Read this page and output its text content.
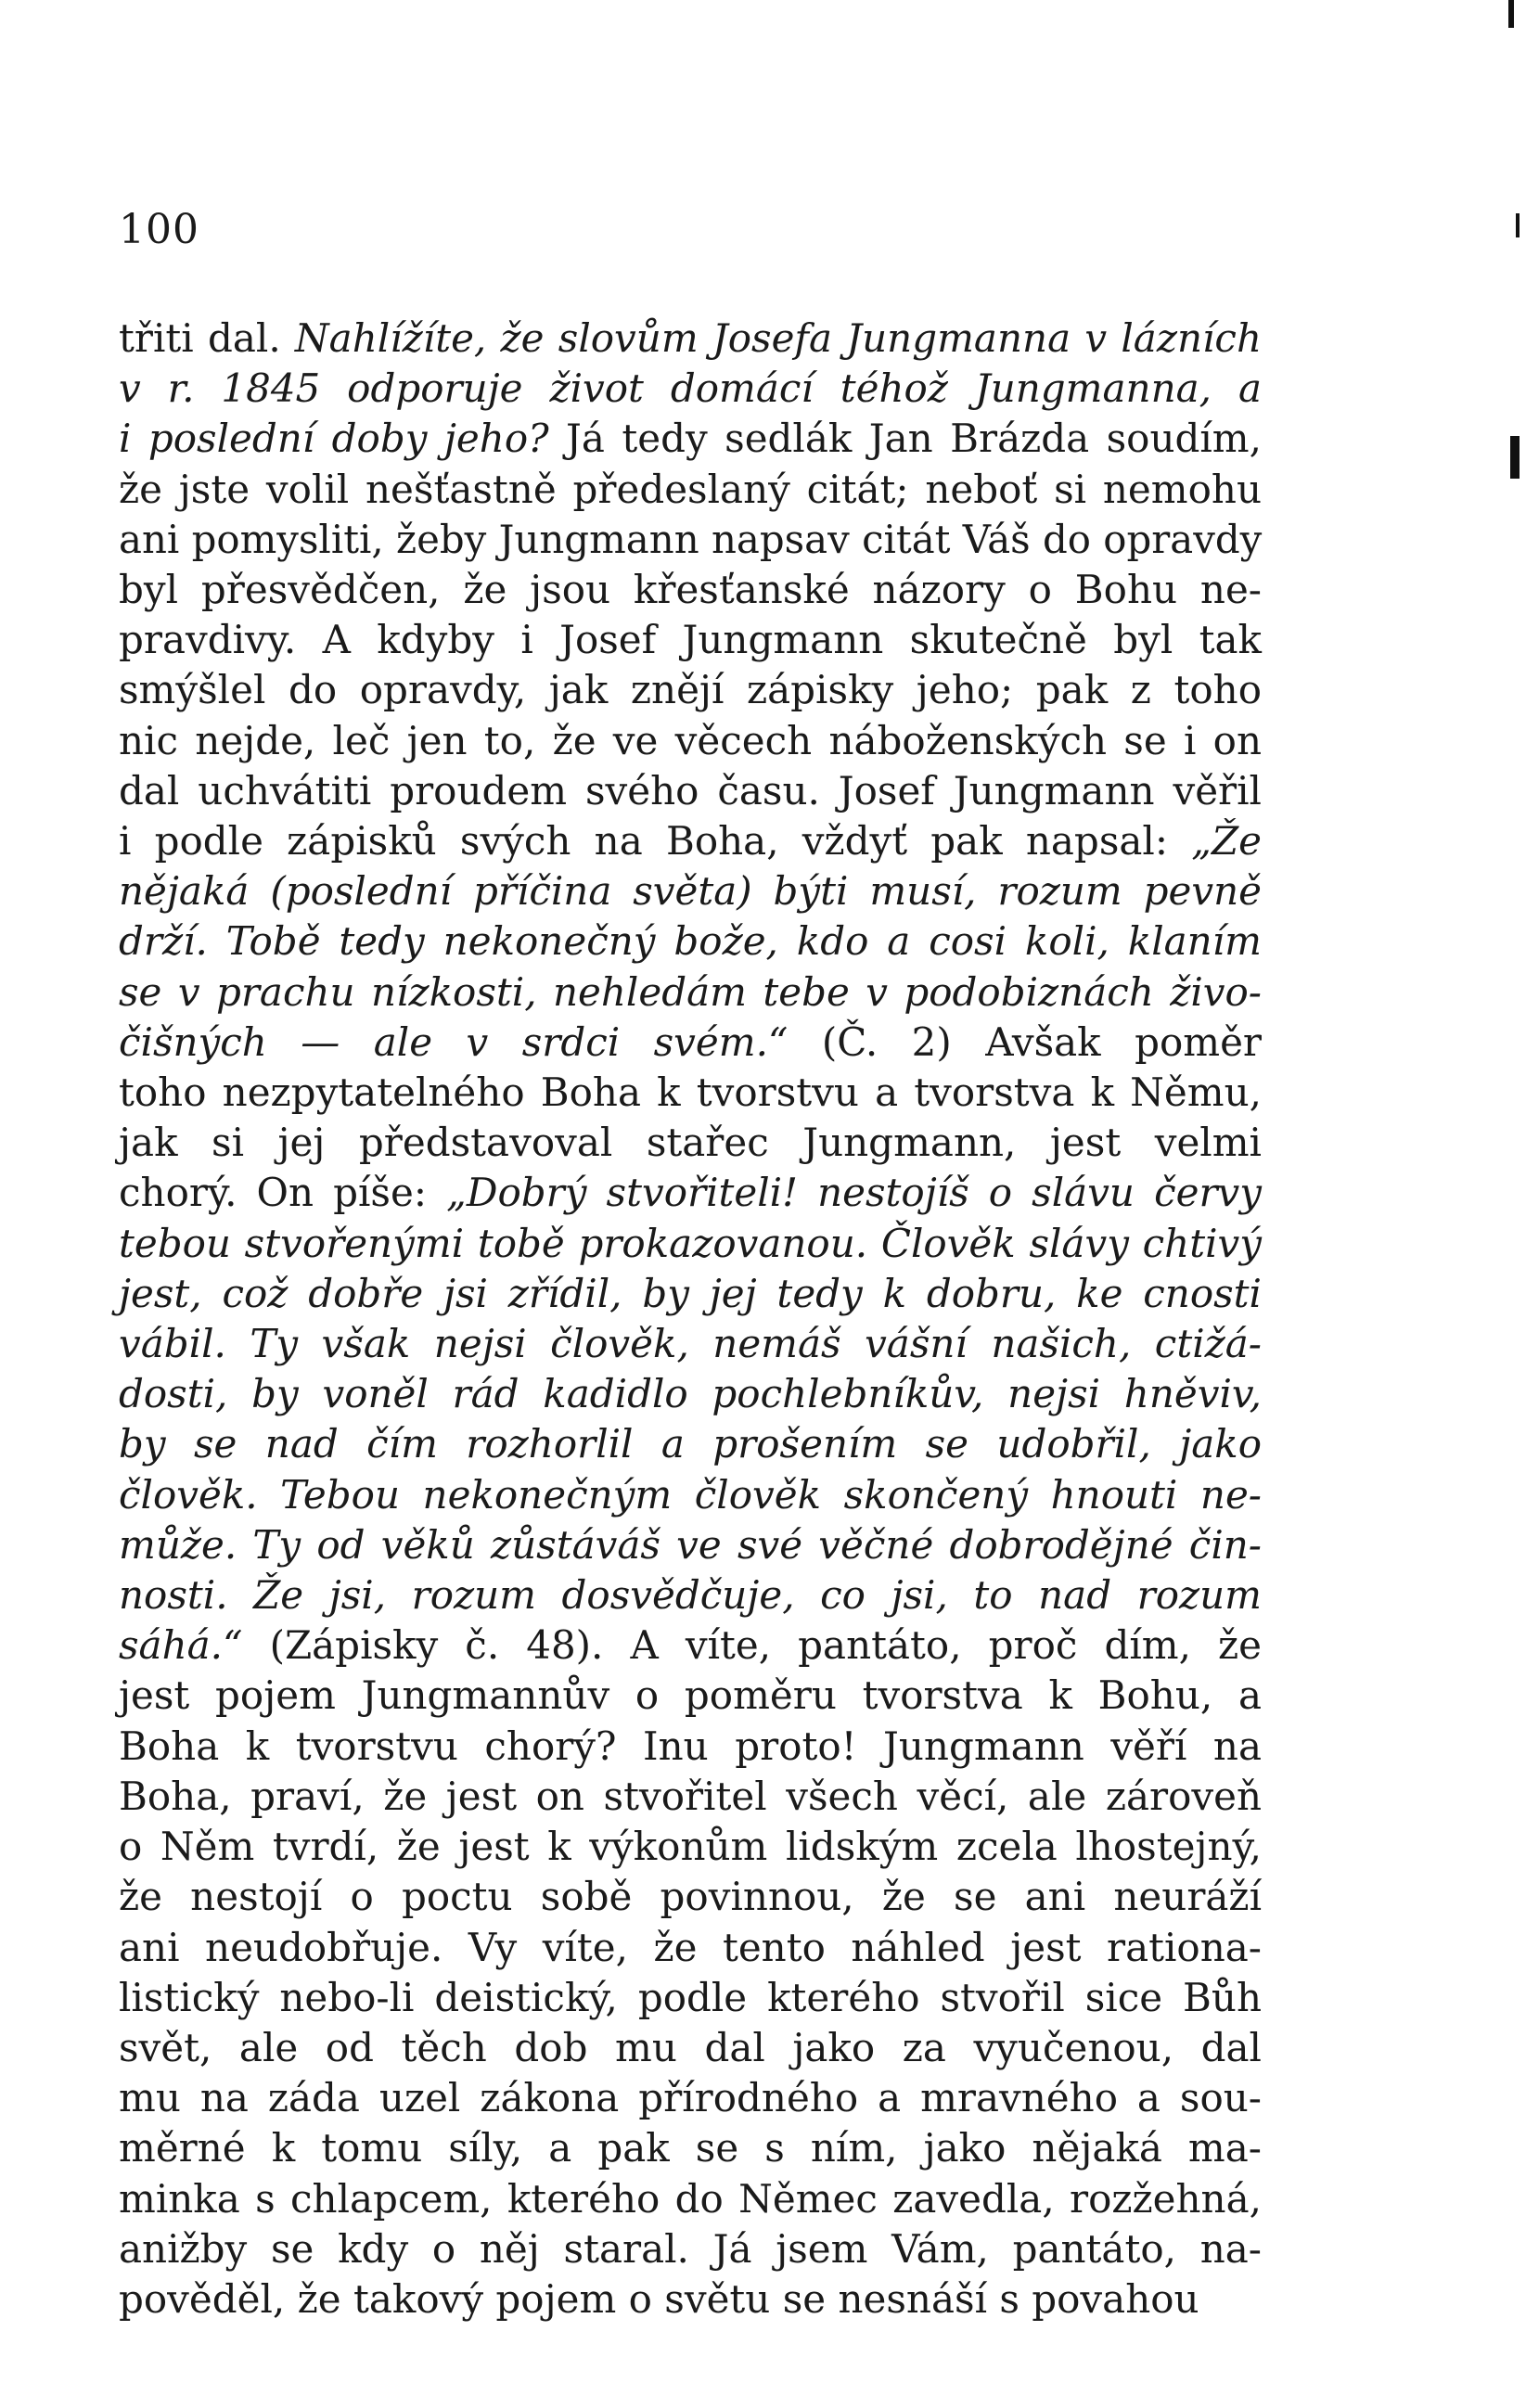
100
třiti dal. Nahlížíte, že slovům Josefa Jungmanna v lázních
v r. 1845 odporuje život domácí téhož Jungmanna, a
i poslední doby jeho? Já tedy sedlák Jan Brázda soudím,
že jste volil nešťastně předeslaný citát; neboť si nemohu
ani pomysliti, žeby Jungmann napsav citát Váš do opravdy
byl přesvědčen, že jsou křesťanské názory o Bohu ne-
pravdivy. A kdyby i Josef Jungmann skutečně byl tak
smýšlel do opravdy, jak znějí zápisky jeho; pak z toho
nic nejde, leč jen to, že ve věcech náboženských se i on
dal uchvátiti proudem svého času. Josef Jungmann věřil
i podle zápisků svých na Boha, vždyť pak napsal: „Že
nějaká (poslední příčina světa) býti musí, rozum pevně
drží. Tobě tedy nekonečný bože, kdo a cosi koli, klaním
se v prachu nízkosti, nehledám tebe v podobiznách živo-
čišných — ale v srdci svém.“ (Č. 2) Avšak poměr
toho nezpytatelného Boha k tvorstvu a tvorstva k Němu,
jak si jej představoval stařec Jungmann, jest velmi
chorý. On píše: „Dobrý stvořiteli! nestojíš o slávu červy
tebou stvořenými tobě prokazovanou. Člověk slávy chtivý
jest, což dobře jsi zřídil, by jej tedy k dobru, ke cnosti
vábil. Ty však nejsi člověk, nemáš vášní našich, ctižá-
dosti, by voněl rád kadidlo pochlebníkův, nejsi hněviv,
by se nad čím rozhorlil a prošením se udobřil, jako
člověk. Tebou nekonečným člověk skončený hnouti ne-
může. Ty od věků zůstáváš ve své věčné dobrodějné čin-
nosti. Že jsi, rozum dosvědčuje, co jsi, to nad rozum
sáhá.“ (Zápisky č. 48). A víte, pantáto, proč dím, že
jest pojem Jungmannův o poměru tvorstva k Bohu, a
Boha k tvorstvu chorý? Inu proto! Jungmann věří na
Boha, praví, že jest on stvořitel všech věcí, ale zároveň
o Něm tvrdí, že jest k výkonům lidským zcela lhostejný,
že nestojí o poctu sobě povinnou, že se ani neuráží
ani neudobřuje. Vy víte, že tento náhled jest rationa-
listický nebo-li deistický, podle kterého stvořil sice Bůh
svět, ale od těch dob mu dal jako za vyučenou, dal
mu na záda uzel zákona přírodného a mravného a sou-
měrné k tomu síly, a pak se s ním, jako nějaká ma-
minka s chlapcem, kterého do Němec zavedla, rozžehná,
anižby se kdy o něj staral. Já jsem Vám, pantáto, na-
pověděl, že takový pojem o světu se nesnáší s povahou
